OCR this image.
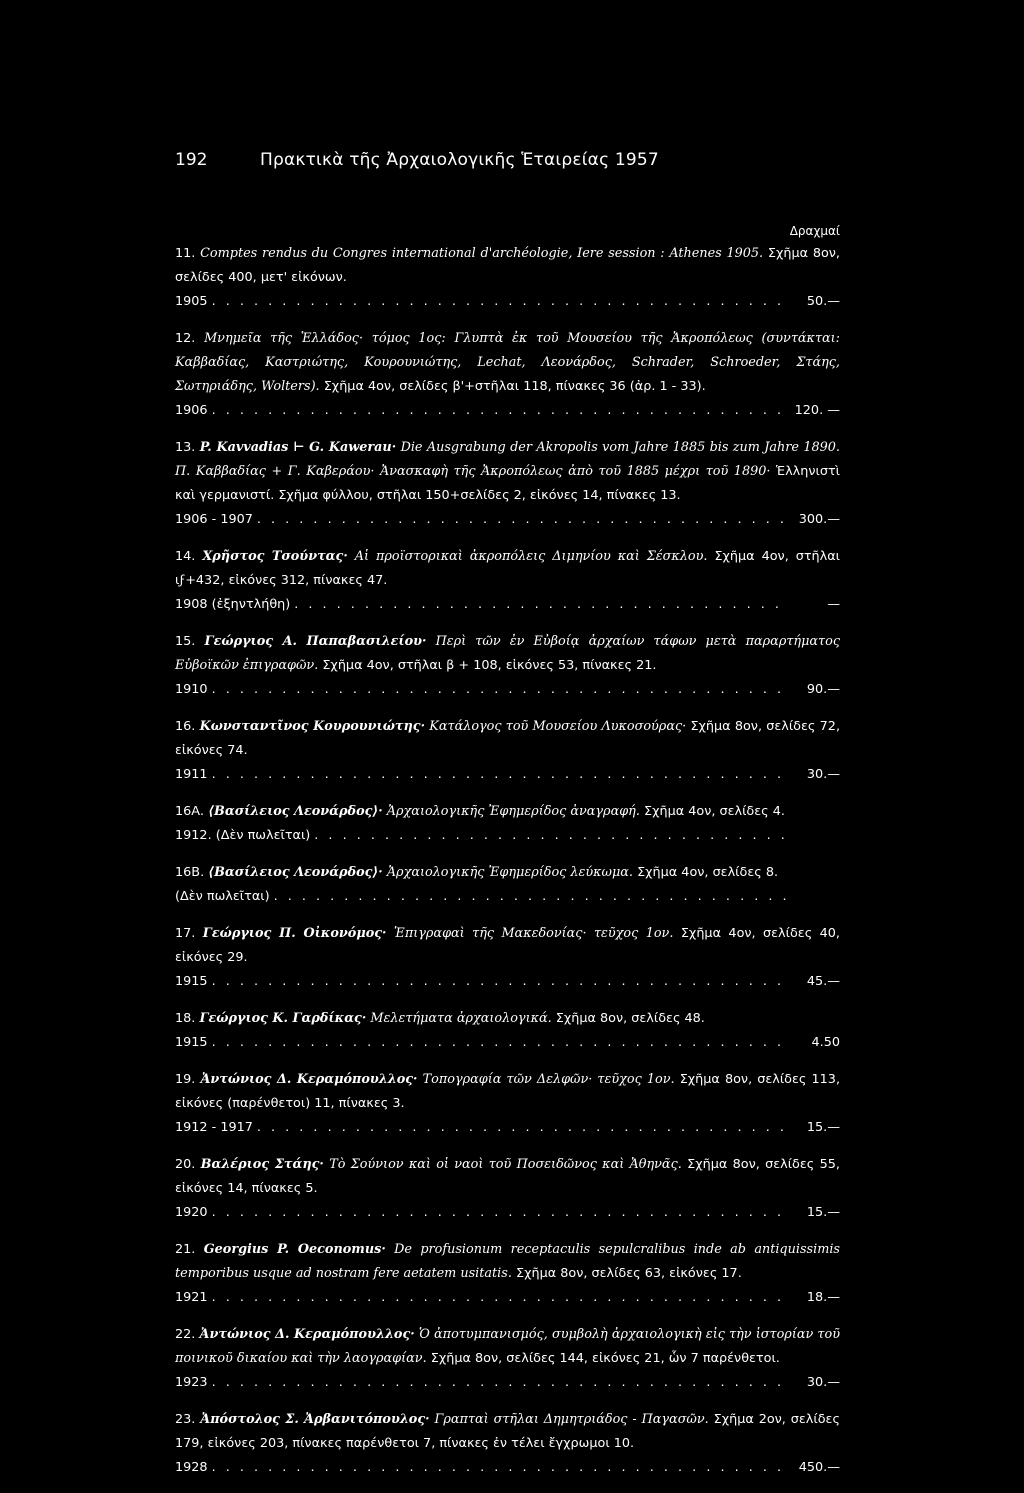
192	Πρακτικὰ τῆς Ἀρχαιολογικῆς Ἑταιρείας 1957
Δραχμαί
11. Comptes rendus du Congres international d'archéologie, Iere session : Athenes 1905. Σχῆμα 8ον, σελίδες 400, μετ' εἰκόνων.
1905 . . .	50.—
12. Μνημεῖα τῆς Ἑλλάδος· τόμος 1ος: Γλυπτὰ ἐκ τοῦ Μουσείου τῆς Ἀκροπόλεως (συντάκται: Καββαδίας, Καστριώτης, Κουρουνιώτης, Lechat, Λεονάρδος, Schrader, Schroeder, Στάης, Σωτηριάδης, Wolters). Σχῆμα 4ον, σελίδες β'+στῆλαι 118, πίνακες 36 (ἀρ. 1 - 33).
1906 . . .	120. —
13. P. Kavvadias ⊢ G. Kawerau· Die Ausgrabung der Akropolis vom Jahre 1885 bis zum Jahre 1890. Π. Καββαδίας + Γ. Καβεράου· Ἀνασκαφὴ τῆς Ἀκροπόλεως ἀπὸ τοῦ 1885 μέχρι τοῦ 1890· Ἑλληνιστὶ καὶ γερμανιστί. Σχῆμα φύλλου, στῆλαι 150+σελίδες 2, εἰκόνες 14, πίνακες 13.
1906 - 1907 . . .	300.—
14. Χρῆστος Τσούντας· Αἱ προϊστορικαὶ ἀκροπόλεις Διμηνίου καὶ Σέσκλου. Σχῆμα 4ον, στῆλαι ιϝ+432, εἰκόνες 312, πίνακες 47.
1908 (ἐξηντλήθη) . . .	—
15. Γεώργιος Α. Παπαβασιλείου· Περὶ τῶν ἐν Εὐβοίᾳ ἀρχαίων τάφων μετὰ παραρτήματος Εὐβοϊκῶν ἐπιγραφῶν. Σχῆμα 4ον, στῆλαι β + 108, εἰκόνες 53, πίνακες 21.
1910 . . .	90.—
16. Κωνσταντῖνος Κουρουνιώτης· Κατάλογος τοῦ Μουσείου Λυκοσούρας· Σχῆμα 8ον, σελίδες 72, εἰκόνες 74.
1911 . . .	30.—
16Α. ⟨Βασίλειος Λεονάρδος⟩· Ἀρχαιολογικῆς Ἐφημερίδος ἀναγραφή. Σχῆμα 4ον, σελίδες 4.
1912. (Δὲν πωλεῖται)
. . .
16Β. ⟨Βασίλειος Λεονάρδος⟩· Ἀρχαιολογικῆς Ἐφημερίδος λεύκωμα. Σχῆμα 4ον, σελίδες 8.
(Δὲν πωλεῖται)
. . .
17. Γεώργιος Π. Οἰκονόμος· Ἐπιγραφαὶ τῆς Μακεδονίας· τεῦχος 1ον. Σχῆμα 4ον, σελίδες 40, εἰκόνες 29.
1915 . . .	45.—
18. Γεώργιος Κ. Γαρδίκας· Μελετήματα ἀρχαιολογικά. Σχῆμα 8ον, σελίδες 48.
1915 . . .	4.50
19. Ἀντώνιος Δ. Κεραμόπουλλος· Τοπογραφία τῶν Δελφῶν· τεῦχος 1ον. Σχῆμα 8ον, σελίδες 113, εἰκόνες (παρένθετοι) 11, πίνακες 3.
1912 - 1917 . . .	15.—
20. Βαλέριος Στάης· Τὸ Σούνιον καὶ οἱ ναοὶ τοῦ Ποσειδῶνος καὶ Ἀθηνᾶς. Σχῆμα 8ον, σελίδες 55, εἰκόνες 14, πίνακες 5.
1920 . . .	15.—
21. Georgius P. Oeconomus· De profusionum receptaculis sepulcralibus inde ab antiquissimis temporibus usque ad nostram fere aetatem usitatis. Σχῆμα 8ον, σελίδες 63, εἰκόνες 17.
1921 . . .	18.—
22. Ἀντώνιος Δ. Κεραμόπουλλος· Ὁ ἀποτυμπανισμός, συμβολὴ ἀρχαιολογικὴ εἰς τὴν ἱστορίαν τοῦ ποινικοῦ δικαίου καὶ τὴν λαογραφίαν. Σχῆμα 8ον, σελίδες 144, εἰκόνες 21, ὧν 7 παρένθετοι.
1923 . . .	30.—
23. Ἀπόστολος Σ. Ἀρβανιτόπουλος· Γραπταὶ στῆλαι Δημητριάδος - Παγασῶν. Σχῆμα 2ον, σελίδες 179, εἰκόνες 203, πίνακες παρένθετοι 7, πίνακες ἐν τέλει ἔγχρωμοι 10.
1928 . . .	450.—
